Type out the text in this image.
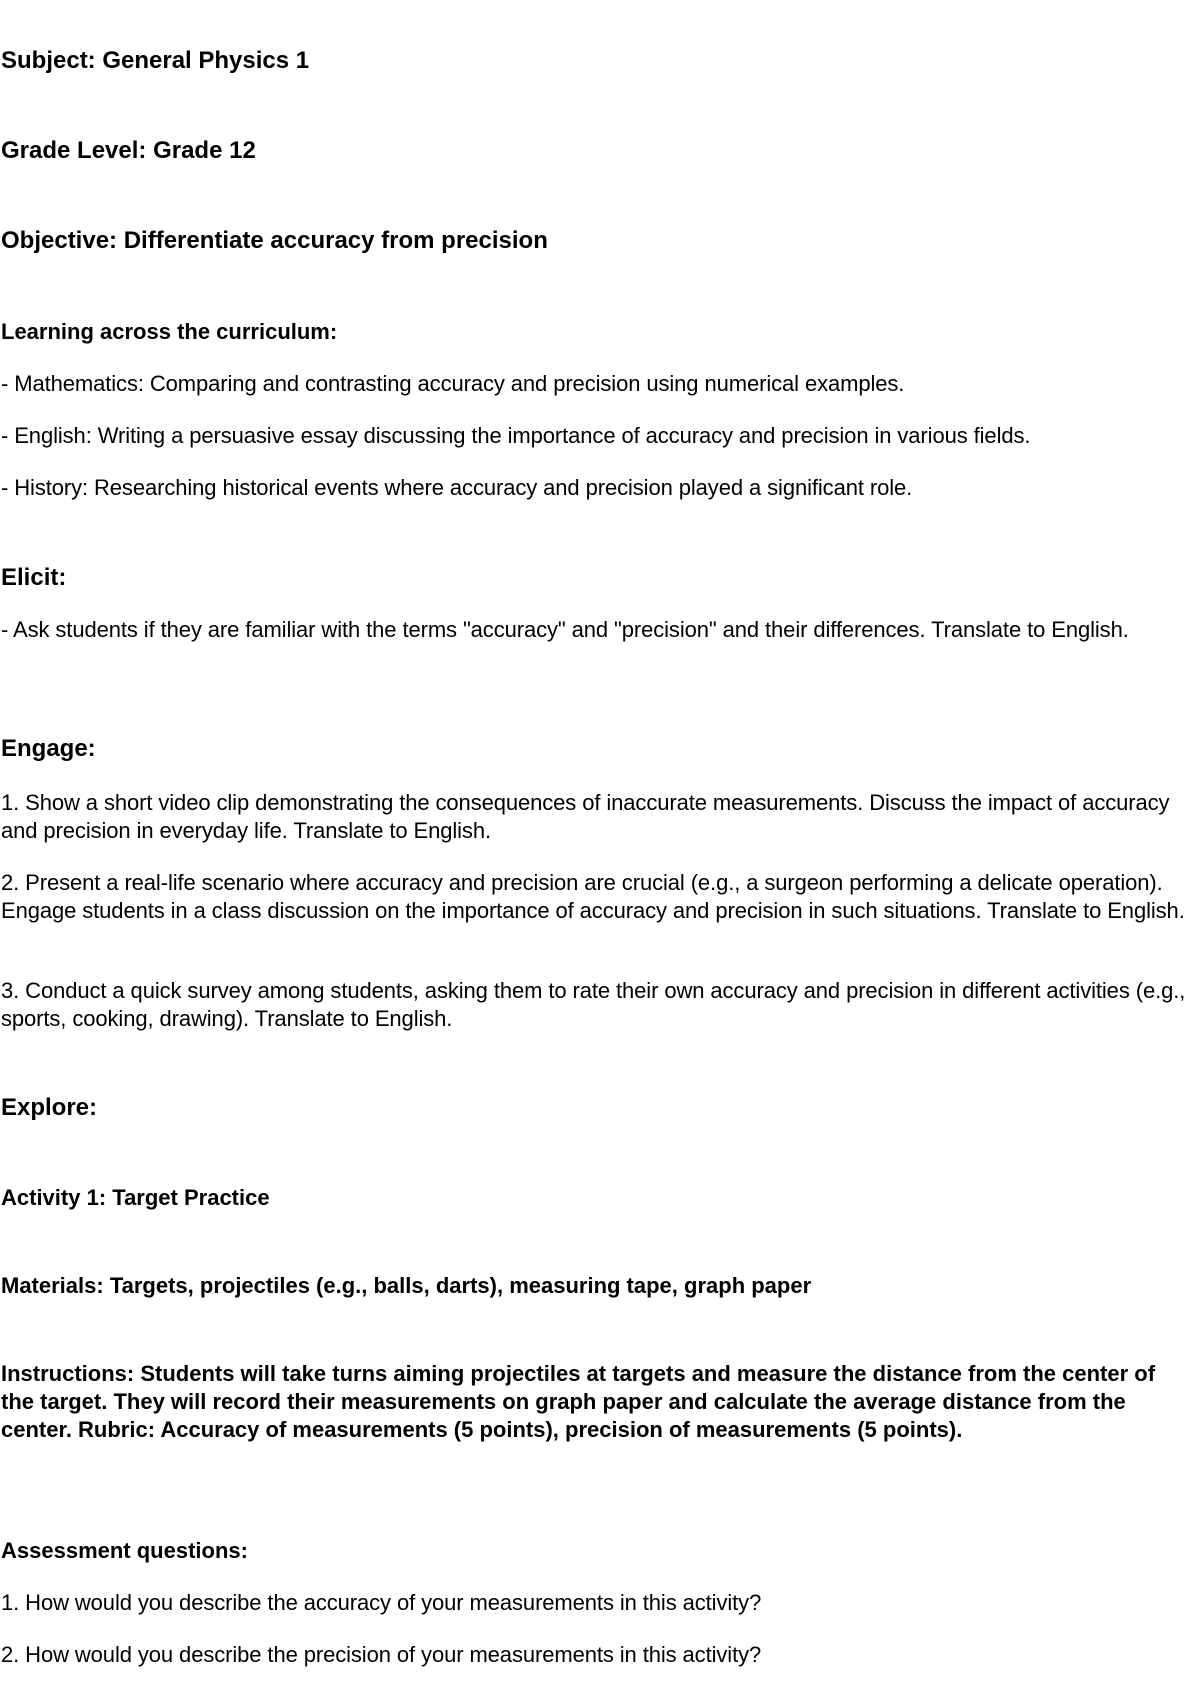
Subject: General Physics 1

Grade Level: Grade 12

Objective: Differentiate accuracy from precision

Learning across the curriculum:

- Mathematics: Comparing and contrasting accuracy and precision using numerical examples.

- English: Writing a persuasive essay discussing the importance of accuracy and precision in various fields.

- History: Researching historical events where accuracy and precision played a significant role.

Elicit:

- Ask students if they are familiar with the terms "accuracy" and "precision" and their differences. Translate to English.

Engage:

1. Show a short video clip demonstrating the consequences of inaccurate measurements. Discuss the impact of accuracy and precision in everyday life. Translate to English.

2. Present a real-life scenario where accuracy and precision are crucial (e.g., a surgeon performing a delicate operation). Engage students in a class discussion on the importance of accuracy and precision in such situations. Translate to English.

3. Conduct a quick survey among students, asking them to rate their own accuracy and precision in different activities (e.g., sports, cooking, drawing). Translate to English.

Explore:

Activity 1: Target Practice

Materials: Targets, projectiles (e.g., balls, darts), measuring tape, graph paper

Instructions: Students will take turns aiming projectiles at targets and measure the distance from the center of the target. They will record their measurements on graph paper and calculate the average distance from the center. Rubric: Accuracy of measurements (5 points), precision of measurements (5 points).

Assessment questions:

1. How would you describe the accuracy of your measurements in this activity?

2. How would you describe the precision of your measurements in this activity?
